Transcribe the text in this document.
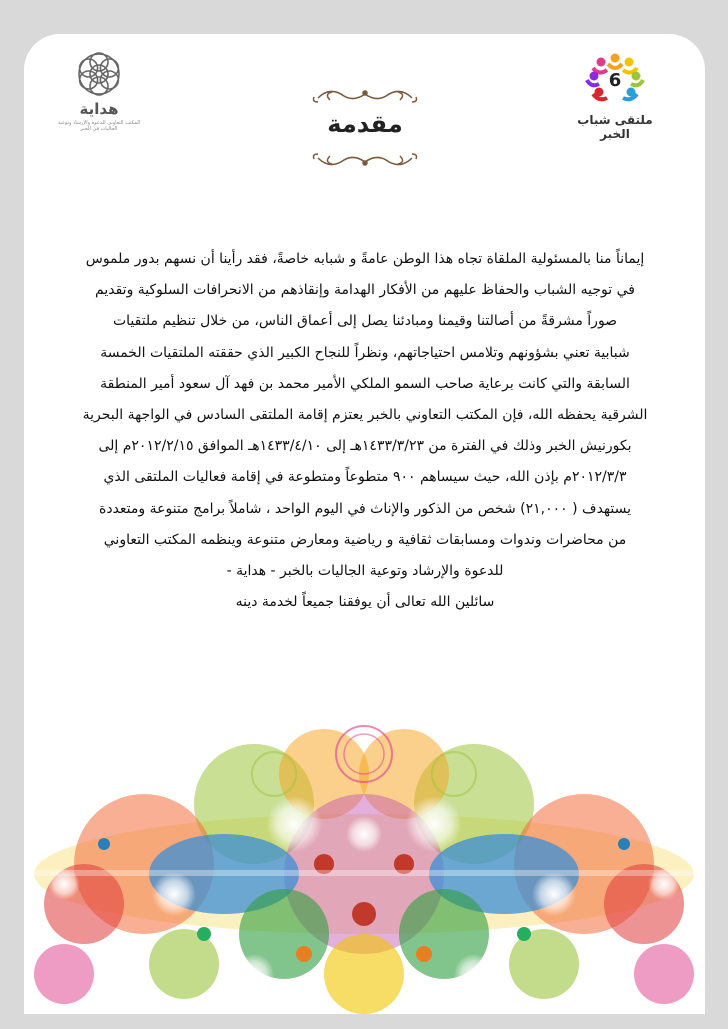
هداية
المكتب التعاوني للدعوة والإرشاد وتوعية الجاليات في الخبر
6
ملتقى شباب الخبر
مقدمة
إيماناً منا بالمسئولية الملقاة تجاه هذا الوطن عامةً و شبابه خاصةً، فقد رأينا أن نسهم بدور ملموس
في توجيه الشباب والحفاظ عليهم من الأفكار الهدامة وإنقاذهم من الانحرافات السلوكية وتقديم
صوراً مشرقةً من أصالتنا وقيمنا ومبادئنا يصل إلى أعماق الناس، من خلال تنظيم ملتقيات
شبابية تعني بشؤونهم وتلامس احتياجاتهم، ونظراً للنجاح الكبير الذي حققته الملتقيات الخمسة
السابقة والتي كانت برعاية صاحب السمو الملكي الأمير محمد بن فهد آل سعود أمير المنطقة
الشرقية يحفظه الله، فإن المكتب التعاوني بالخبر يعتزم إقامة الملتقى السادس في الواجهة البحرية
بكورنيش الخبر وذلك في الفترة من ١٤٣٣/٣/٢٣هـ إلى ١٤٣٣/٤/١٠هـ الموافق ٢٠١٢/٢/١٥م إلى
٢٠١٢/٣/٣م بإذن الله، حيث سيساهم ٩٠٠ متطوعاً ومتطوعة في إقامة فعاليات الملتقى الذي
يستهدف ( ٢١,٠٠٠) شخص من الذكور والإناث في اليوم الواحد ، شاملاً برامج متنوعة ومتعددة
من محاضرات وندوات ومسابقات ثقافية و رياضية ومعارض متنوعة وينظمه المكتب التعاوني
للدعوة والإرشاد وتوعية الجاليات بالخبر - هداية -
سائلين الله تعالى أن يوفقنا جميعاً لخدمة دينه
